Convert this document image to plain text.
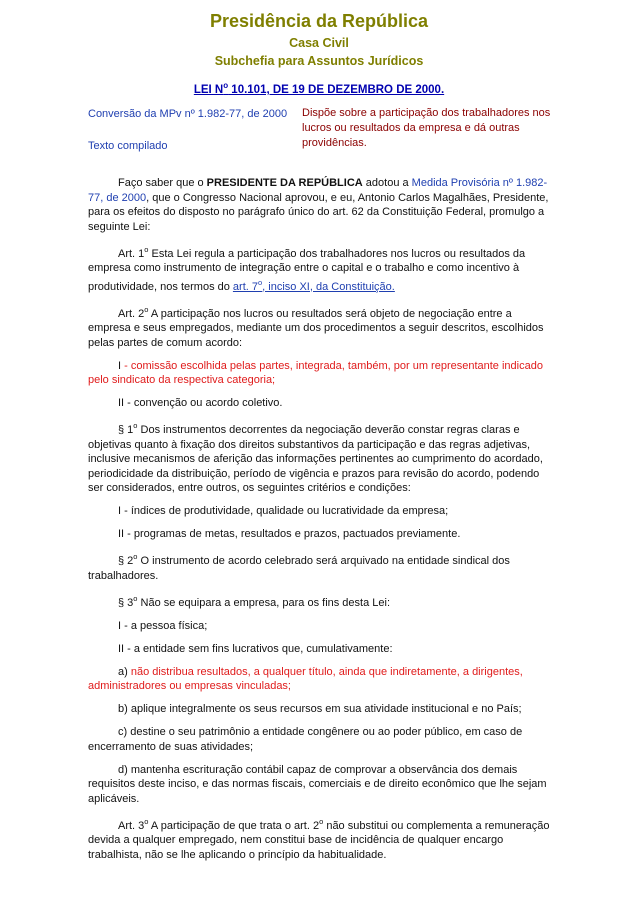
Presidência da República
Casa Civil
Subchefia para Assuntos Jurídicos
LEI $N^o$ 10.101, DE 19 DE DEZEMBRO DE 2000.
Conversão da MPv nº 1.982-77, de 2000
Texto compilado
Dispõe sobre a participação dos trabalhadores nos lucros ou resultados da empresa e dá outras providências.

Faço saber que o PRESIDENTE DA REPÚBLICA adotou a Medida Provisória nº 1.982-77, de 2000, que o Congresso Nacional aprovou, e eu, Antonio Carlos Magalhães, Presidente, para os efeitos do disposto no parágrafo único do art. 62 da Constituição Federal, promulgo a seguinte Lei:

Art. 1$^o$ Esta Lei regula a participação dos trabalhadores nos lucros ou resultados da empresa como instrumento de integração entre o capital e o trabalho e como incentivo à produtividade, nos termos do art. 7$^o$, inciso XI, da Constituição.

Art. 2$^o$ A participação nos lucros ou resultados será objeto de negociação entre a empresa e seus empregados, mediante um dos procedimentos a seguir descritos, escolhidos pelas partes de comum acordo:

I - comissão escolhida pelas partes, integrada, também, por um representante indicado pelo sindicato da respectiva categoria;

II - convenção ou acordo coletivo.

§ 1$^o$ Dos instrumentos decorrentes da negociação deverão constar regras claras e objetivas quanto à fixação dos direitos substantivos da participação e das regras adjetivas, inclusive mecanismos de aferição das informações pertinentes ao cumprimento do acordado, periodicidade da distribuição, período de vigência e prazos para revisão do acordo, podendo ser considerados, entre outros, os seguintes critérios e condições:

I - índices de produtividade, qualidade ou lucratividade da empresa;

II - programas de metas, resultados e prazos, pactuados previamente.

§ 2$^o$ O instrumento de acordo celebrado será arquivado na entidade sindical dos trabalhadores.

§ 3$^o$ Não se equipara a empresa, para os fins desta Lei:

I - a pessoa física;

II - a entidade sem fins lucrativos que, cumulativamente:

a) não distribua resultados, a qualquer título, ainda que indiretamente, a dirigentes, administradores ou empresas vinculadas;

b) aplique integralmente os seus recursos em sua atividade institucional e no País;

c) destine o seu patrimônio a entidade congênere ou ao poder público, em caso de encerramento de suas atividades;

d) mantenha escrituração contábil capaz de comprovar a observância dos demais requisitos deste inciso, e das normas fiscais, comerciais e de direito econômico que lhe sejam aplicáveis.

Art. 3$^o$ A participação de que trata o art. 2$^o$ não substitui ou complementa a remuneração devida a qualquer empregado, nem constitui base de incidência de qualquer encargo trabalhista, não se lhe aplicando o princípio da habitualidade.
